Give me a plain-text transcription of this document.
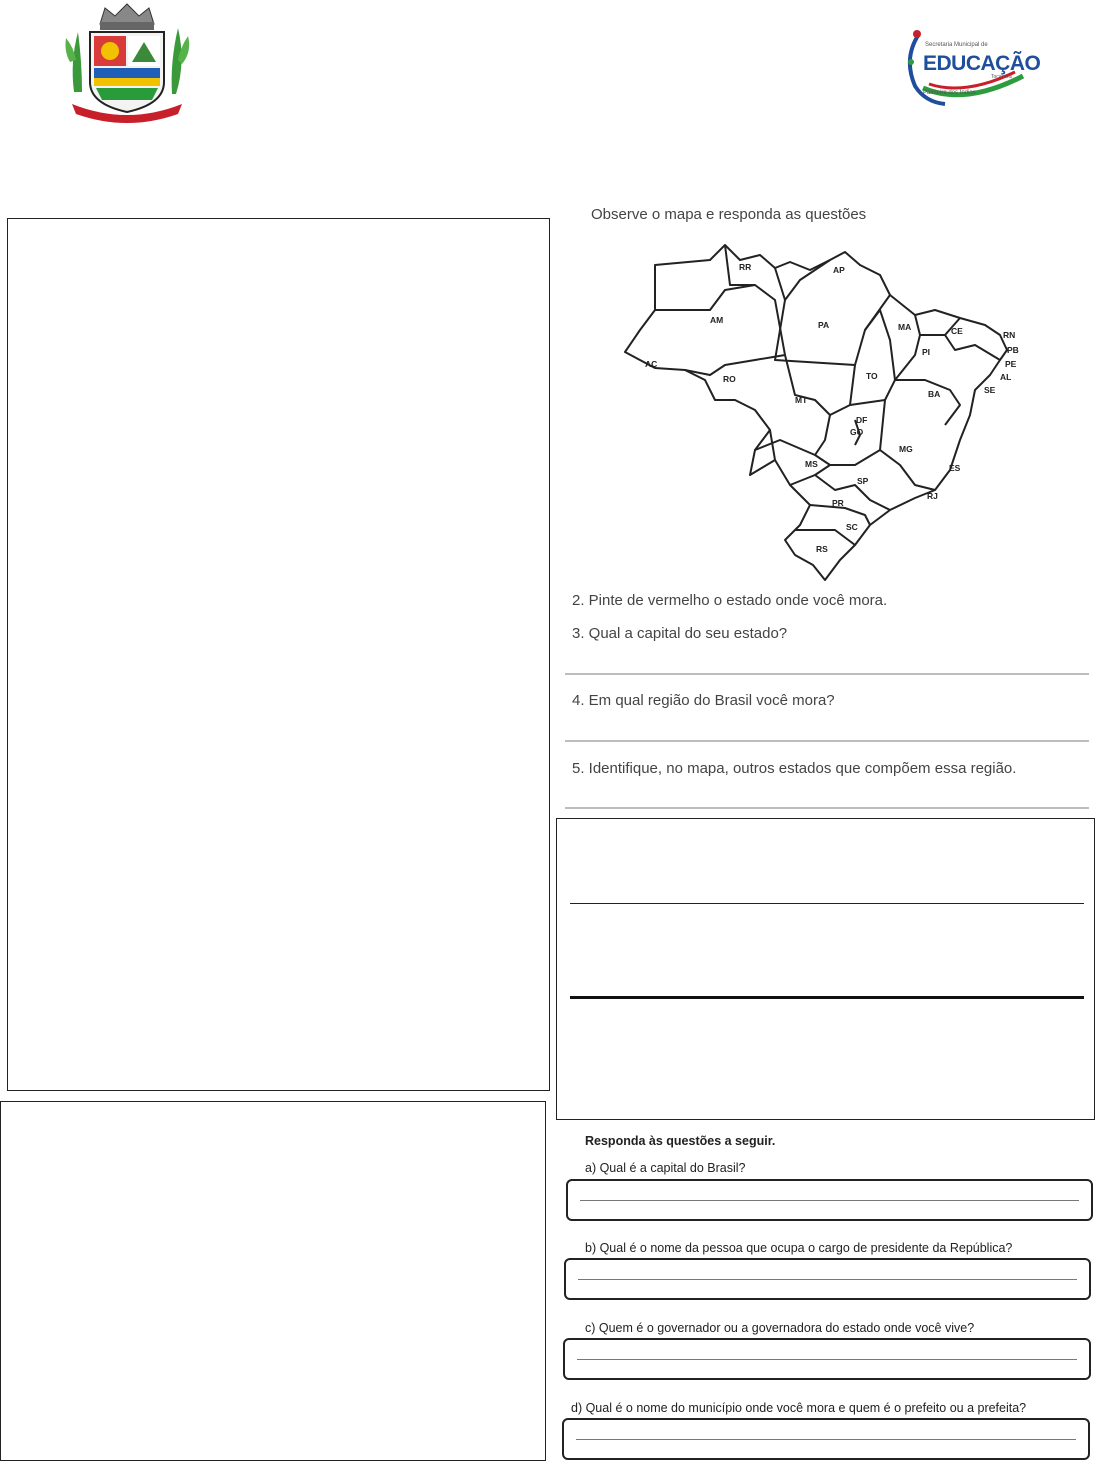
Secretaria Municipal de
EDUCAÇÃO
Tocantins
Palmeira dos Índios
Observe o mapa e responda as questões
RR	AP
AM	PA	MA	CE	RN
PB
PE
AL
SE
PI
AC
RO	TO
BA
MT
DF
GO
MG
ES
MS
SP
RJ
PR
SC
RS
2. Pinte de vermelho o estado onde você mora.
3. Qual a capital do seu estado?
4. Em qual região do Brasil você mora?
5. Identifique, no mapa, outros estados que compõem essa região.
Responda às questões a seguir.
a) Qual é a capital do Brasil?
b) Qual é o nome da pessoa que ocupa o cargo de presidente da República?
c) Quem é o governador ou a governadora do estado onde você vive?
d) Qual é o nome do município onde você mora e quem é o prefeito ou a prefeita?
